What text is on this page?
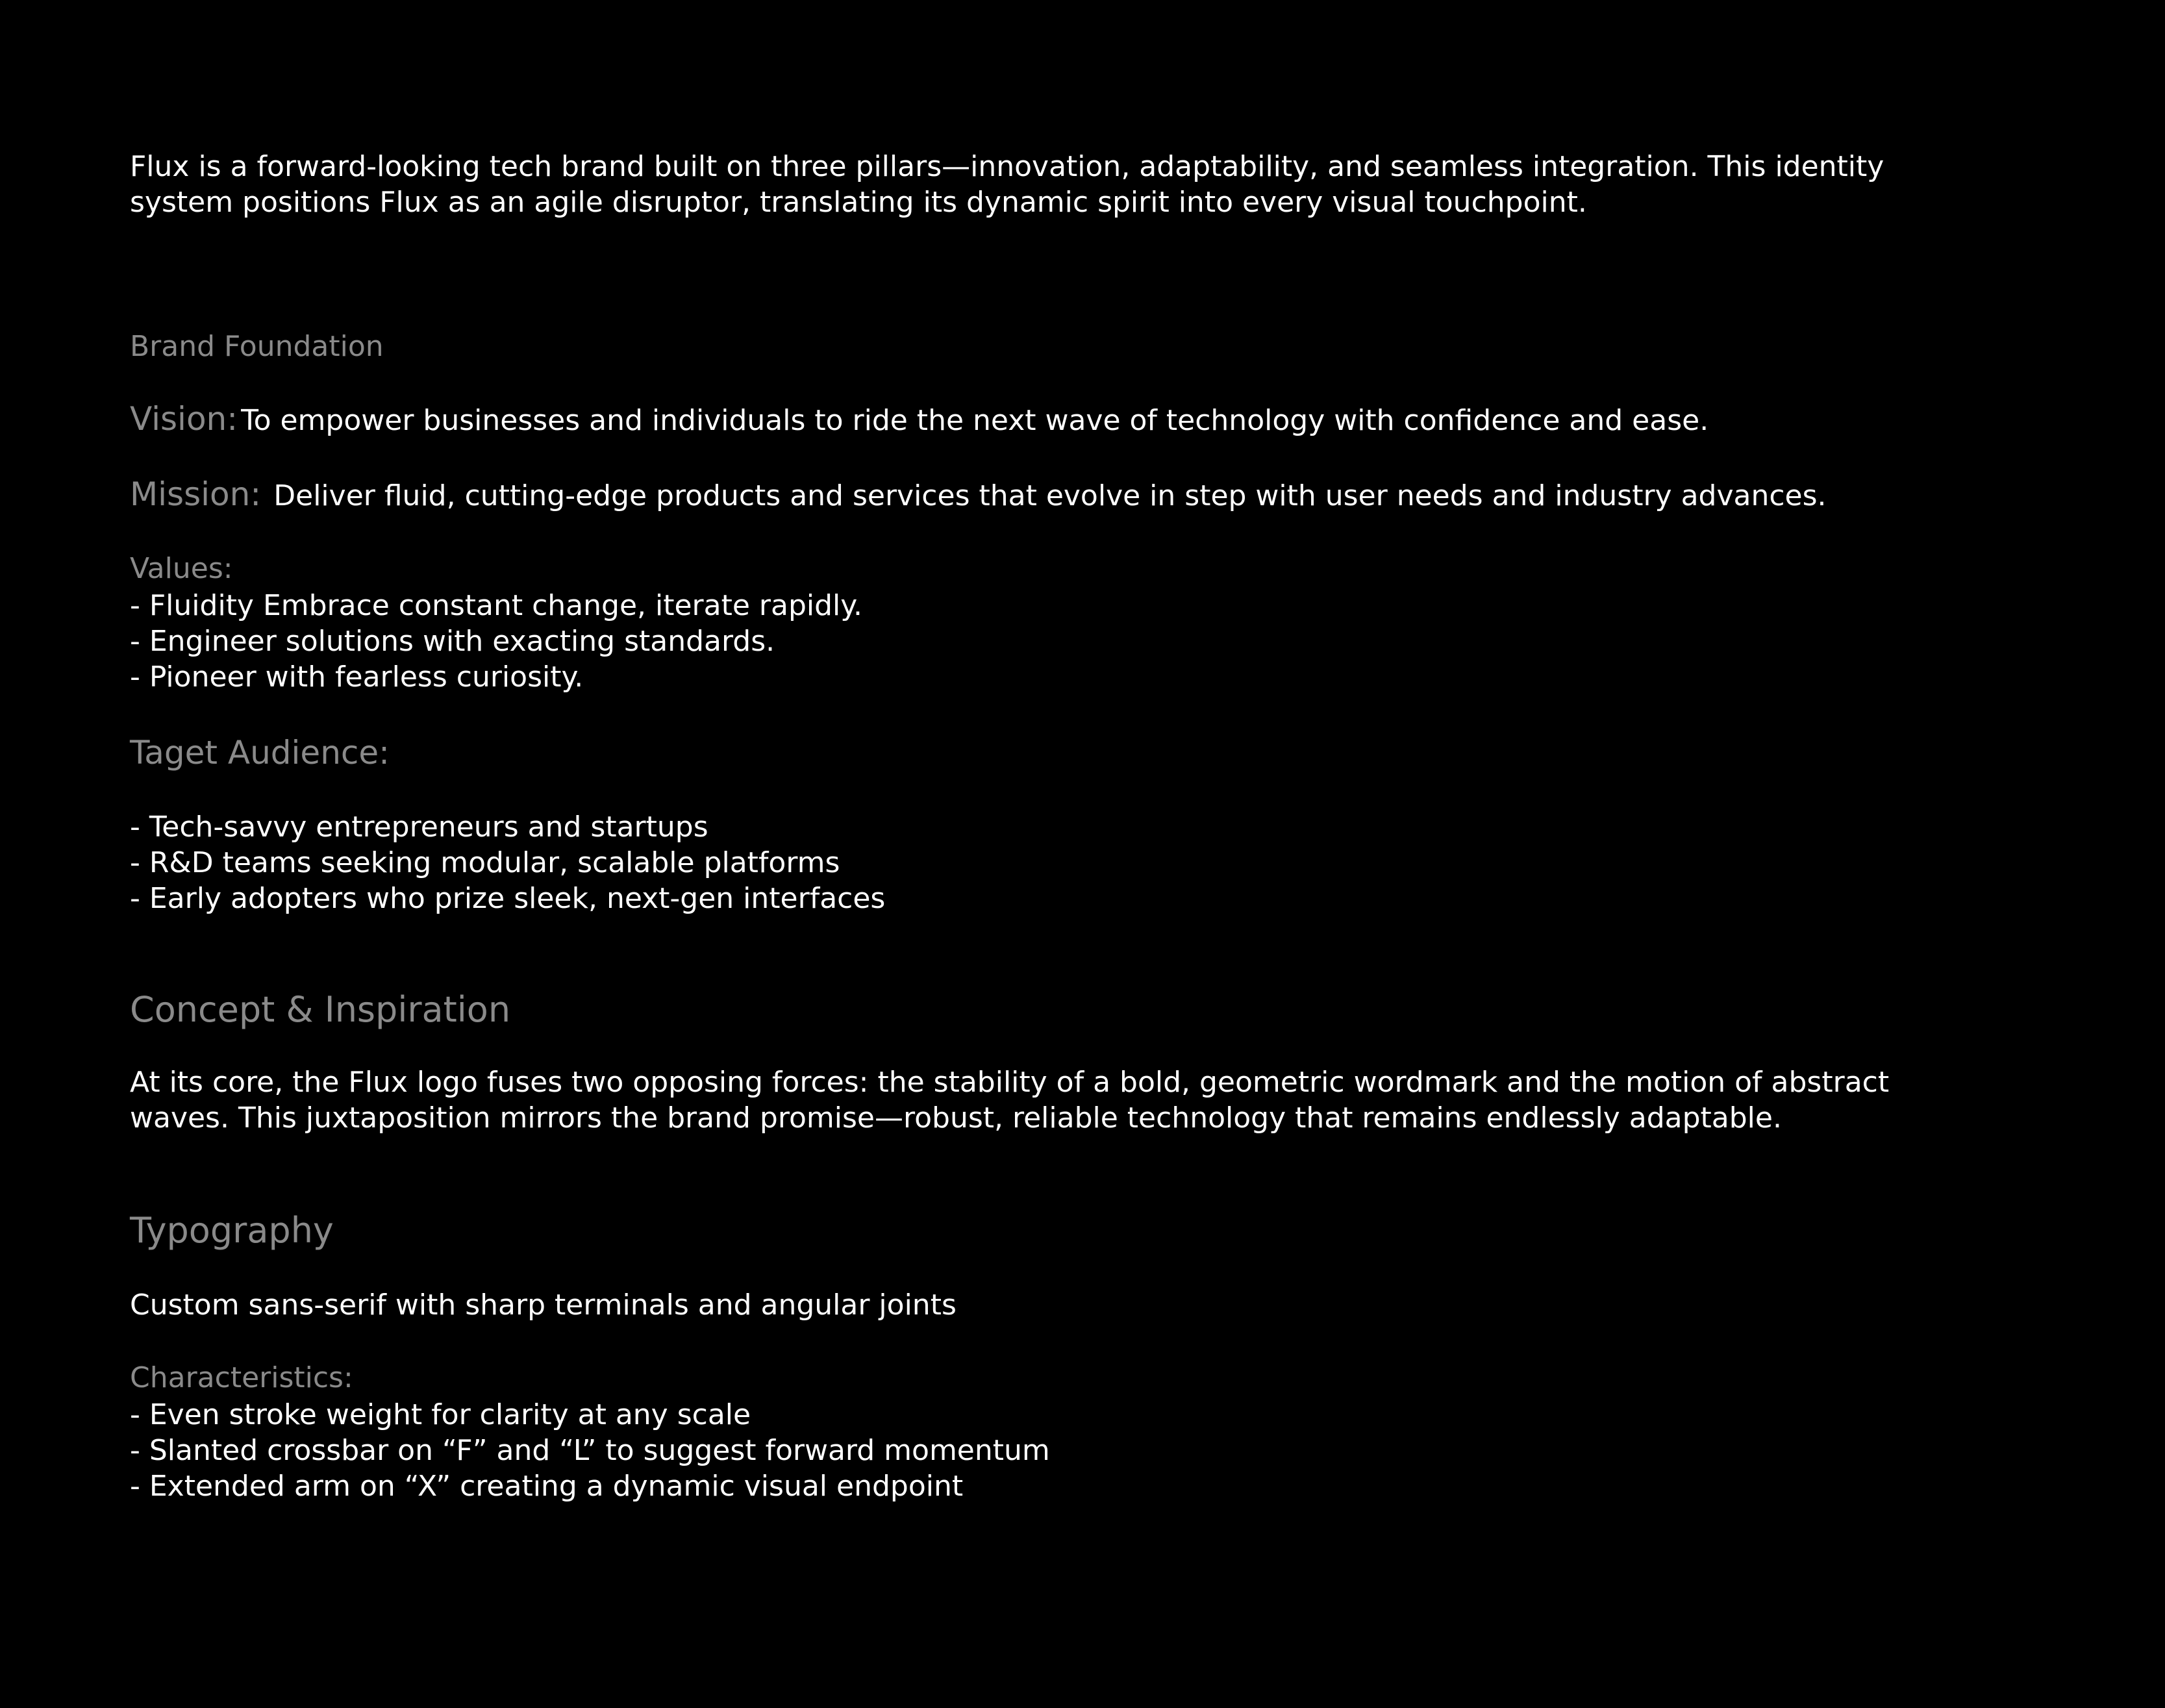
Flux is a forward-looking tech brand built on three pillars—innovation, adaptability, and seamless integration. This identity

system positions Flux as an agile disruptor, translating its dynamic spirit into every visual touchpoint.

Brand Foundation

Vision: To empower businesses and individuals to ride the next wave of technology with confidence and ease.

Mission: Deliver fluid, cutting-edge products and services that evolve in step with user needs and industry advances.

Values:

- Fluidity Embrace constant change, iterate rapidly.

- Engineer solutions with exacting standards.

- Pioneer with fearless curiosity.

Taget Audience:

- Tech-savvy entrepreneurs and startups

- R&D teams seeking modular, scalable platforms

- Early adopters who prize sleek, next-gen interfaces

Concept & Inspiration

At its core, the Flux logo fuses two opposing forces: the stability of a bold, geometric wordmark and the motion of abstract

waves. This juxtaposition mirrors the brand promise—robust, reliable technology that remains endlessly adaptable.

Typography

Custom sans-serif with sharp terminals and angular joints

Characteristics:

- Even stroke weight for clarity at any scale

- Slanted crossbar on “F” and “L” to suggest forward momentum

- Extended arm on “X” creating a dynamic visual endpoint
